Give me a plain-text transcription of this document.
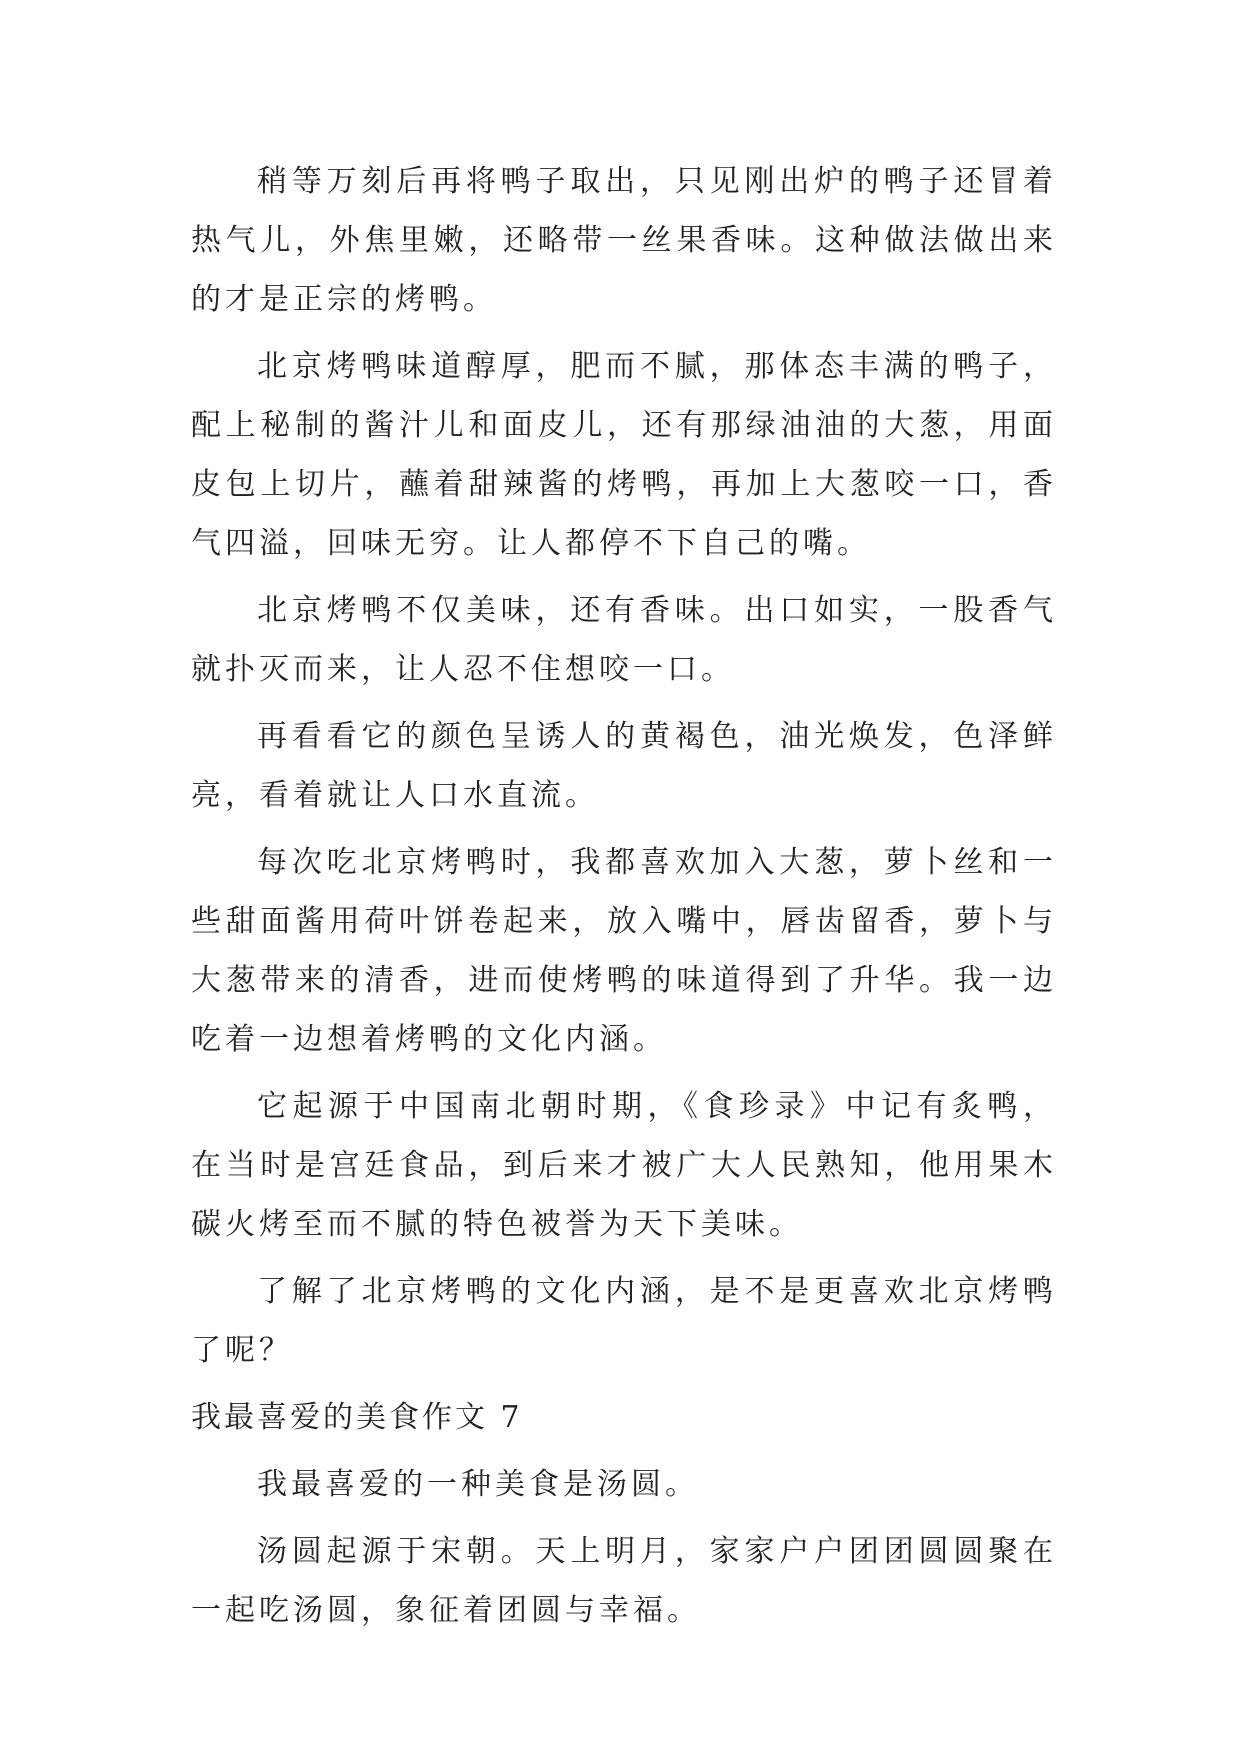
稍等万刻后再将鸭子取出，只见刚出炉的鸭子还冒着热气儿，外焦里嫩，还略带一丝果香味。这种做法做出来的才是正宗的烤鸭。

北京烤鸭味道醇厚，肥而不腻，那体态丰满的鸭子，配上秘制的酱汁儿和面皮儿，还有那绿油油的大葱，用面皮包上切片，蘸着甜辣酱的烤鸭，再加上大葱咬一口，香气四溢，回味无穷。让人都停不下自己的嘴。

北京烤鸭不仅美味，还有香味。出口如实，一股香气就扑灭而来，让人忍不住想咬一口。

再看看它的颜色呈诱人的黄褐色，油光焕发，色泽鲜亮，看着就让人口水直流。

每次吃北京烤鸭时，我都喜欢加入大葱，萝卜丝和一些甜面酱用荷叶饼卷起来，放入嘴中，唇齿留香，萝卜与大葱带来的清香，进而使烤鸭的味道得到了升华。我一边吃着一边想着烤鸭的文化内涵。

它起源于中国南北朝时期，《食珍录》中记有炙鸭，在当时是宫廷食品，到后来才被广大人民熟知，他用果木碳火烤至而不腻的特色被誉为天下美味。

了解了北京烤鸭的文化内涵，是不是更喜欢北京烤鸭了呢？

我最喜爱的美食作文 7

我最喜爱的一种美食是汤圆。

汤圆起源于宋朝。天上明月，家家户户团团圆圆聚在一起吃汤圆，象征着团圆与幸福。
